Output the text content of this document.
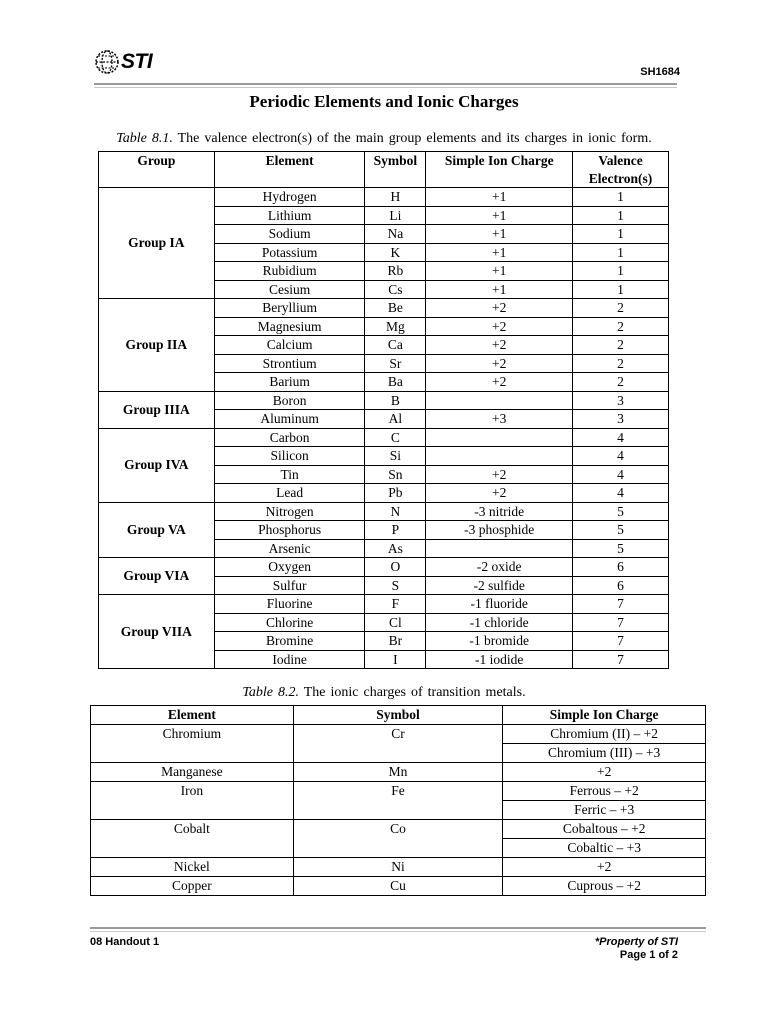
STI	SH1684
Periodic Elements and Ionic Charges
Table 8.1. The valence electron(s) of the main group elements and its charges in ionic form.
Group	Element	Symbol	Simple Ion Charge	Valence
Electron(s)
Group IA	Hydrogen	H	+1	1
	Lithium	Li	+1	1
	Sodium	Na	+1	1
	Potassium	K	+1	1
	Rubidium	Rb	+1	1
	Cesium	Cs	+1	1
Group IIA	Beryllium	Be	+2	2
	Magnesium	Mg	+2	2
	Calcium	Ca	+2	2
	Strontium	Sr	+2	2
	Barium	Ba	+2	2
Group IIIA	Boron	B		3
	Aluminum	Al	+3	3
Group IVA	Carbon	C		4
	Silicon	Si		4
	Tin	Sn	+2	4
	Lead	Pb	+2	4
Group VA	Nitrogen	N	-3 nitride	5
	Phosphorus	P	-3 phosphide	5
	Arsenic	As		5
Group VIA	Oxygen	O	-2 oxide	6
	Sulfur	S	-2 sulfide	6
Group VIIA	Fluorine	F	-1 fluoride	7
	Chlorine	Cl	-1 chloride	7
	Bromine	Br	-1 bromide	7
	Iodine	I	-1 iodide	7
Table 8.2. The ionic charges of transition metals.
Element	Symbol	Simple Ion Charge
Chromium	Cr	Chromium (II) – +2
		Chromium (III) – +3
Manganese	Mn	+2
Iron	Fe	Ferrous – +2
		Ferric – +3
Cobalt	Co	Cobaltous – +2
		Cobaltic – +3
Nickel	Ni	+2
Copper	Cu	Cuprous – +2
08 Handout 1	*Property of STI
Page 1 of 2
